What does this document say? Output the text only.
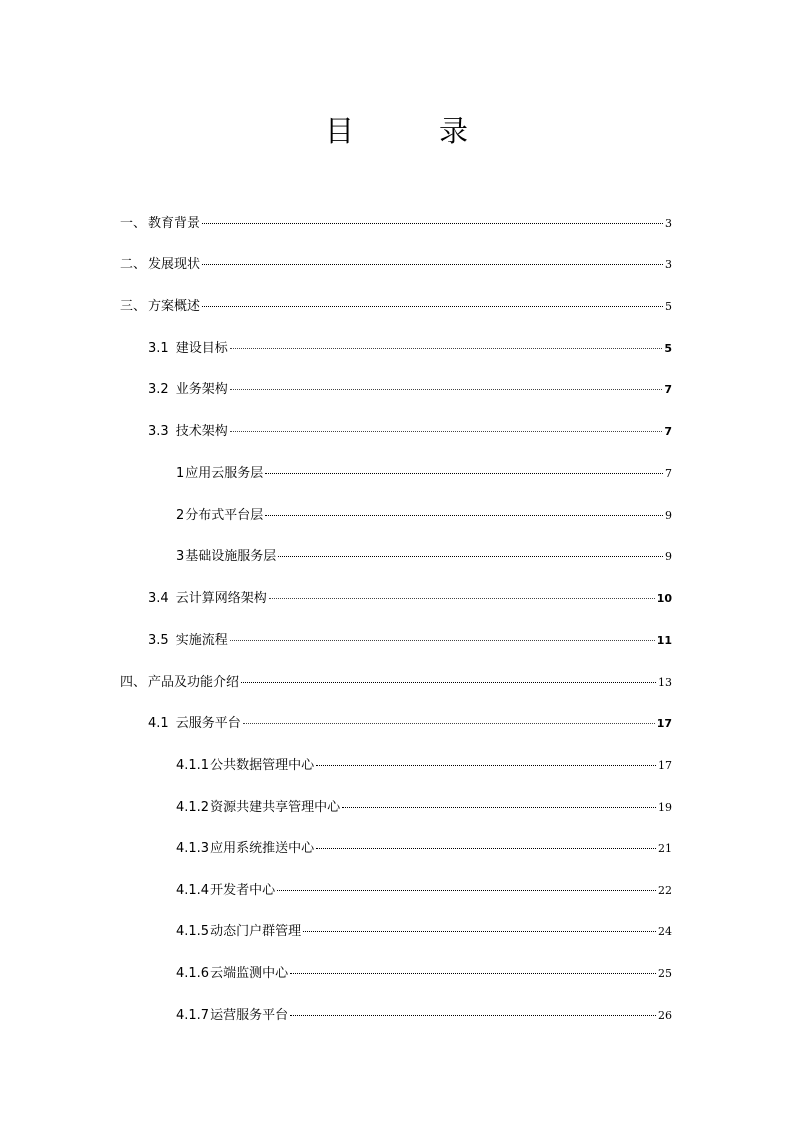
目　录
一、 教育背景	3
二、 发展现状	3
三、 方案概述	5
3.1 建设目标	5
3.2 业务架构	7
3.3 技术架构	7
1应用云服务层	7
2分布式平台层	9
3基础设施服务层	9
3.4 云计算网络架构	10
3.5 实施流程	11
四、 产品及功能介绍	13
4.1 云服务平台	17
4.1.1公共数据管理中心	17
4.1.2资源共建共享管理中心	19
4.1.3应用系统推送中心	21
4.1.4开发者中心	22
4.1.5动态门户群管理	24
4.1.6云端监测中心	25
4.1.7运营服务平台	26
